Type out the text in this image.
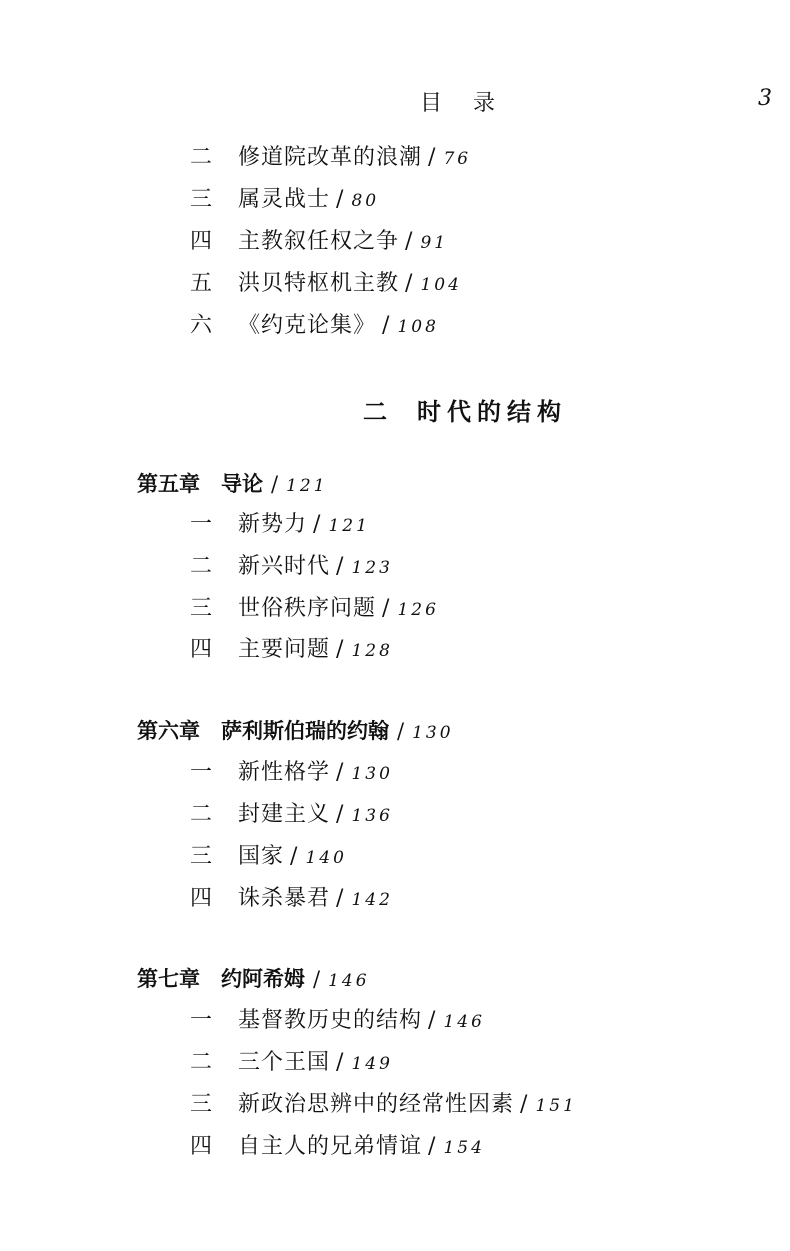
目 录	3
二 修道院改革的浪潮 / 76
三 属灵战士 / 80
四 主教叙任权之争 / 91
五 洪贝特枢机主教 / 104
六 《约克论集》 / 108
二 时代的结构
第五章 导论 / 121
一 新势力 / 121
二 新兴时代 / 123
三 世俗秩序问题 / 126
四 主要问题 / 128
第六章 萨利斯伯瑞的约翰 / 130
一 新性格学 / 130
二 封建主义 / 136
三 国家 / 140
四 诛杀暴君 / 142
第七章 约阿希姆 / 146
一 基督教历史的结构 / 146
二 三个王国 / 149
三 新政治思辨中的经常性因素 / 151
四 自主人的兄弟情谊 / 154
